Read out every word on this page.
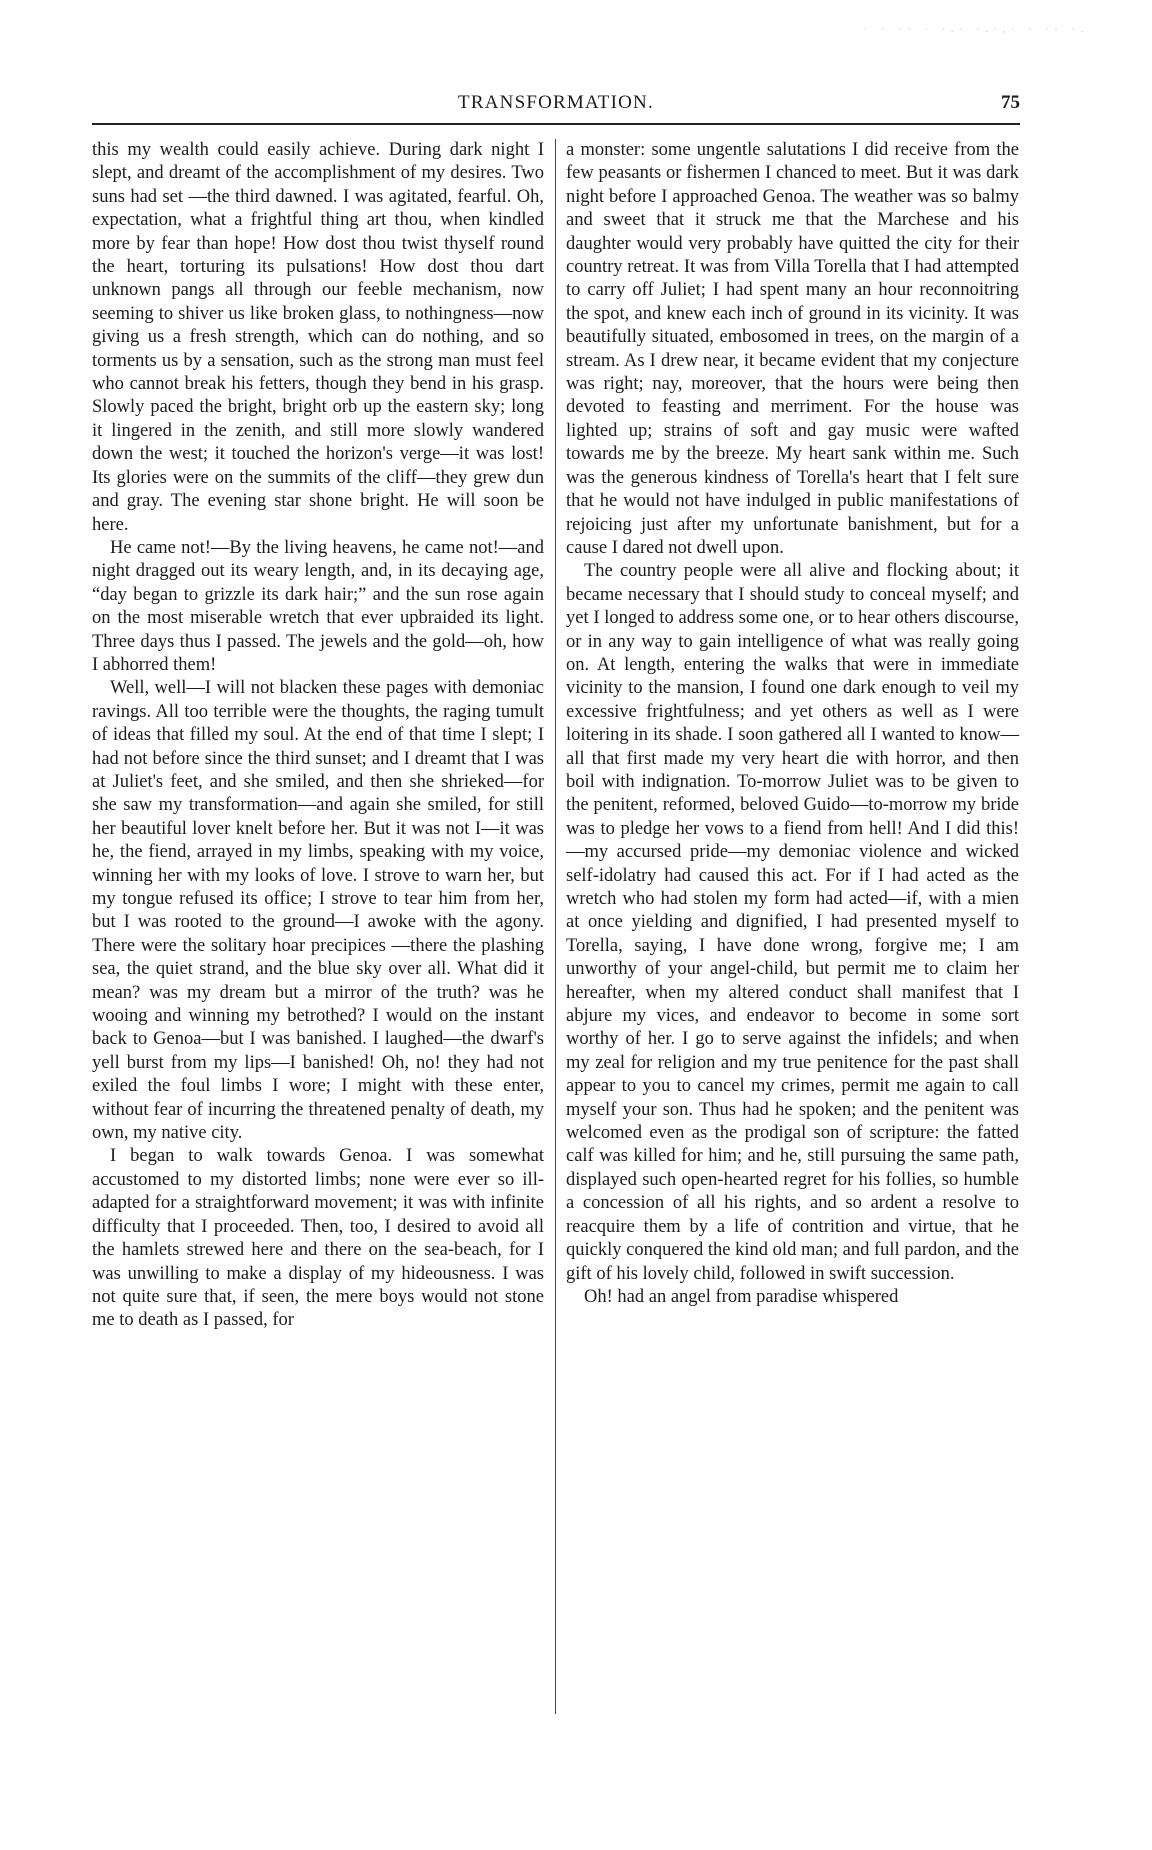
· · ·· · ·.· ·.·,· · ·· ·.
TRANSFORMATION.	75

this my wealth could easily achieve. During dark night I slept, and dreamt of the accomplishment of my desires. Two suns had set —the third dawned. I was agitated, fearful. Oh, expectation, what a frightful thing art thou, when kindled more by fear than hope! How dost thou twist thyself round the heart, torturing its pulsations! How dost thou dart unknown pangs all through our feeble mechanism, now seeming to shiver us like broken glass, to nothingness—now giving us a fresh strength, which can do nothing, and so torments us by a sensation, such as the strong man must feel who cannot break his fetters, though they bend in his grasp. Slowly paced the bright, bright orb up the eastern sky; long it lingered in the zenith, and still more slowly wandered down the west; it touched the horizon's verge—it was lost! Its glories were on the summits of the cliff—they grew dun and gray. The evening star shone bright. He will soon be here.

He came not!—By the living heavens, he came not!—and night dragged out its weary length, and, in its decaying age, “day began to grizzle its dark hair;” and the sun rose again on the most miserable wretch that ever upbraided its light. Three days thus I passed. The jewels and the gold—oh, how I abhorred them!

Well, well—I will not blacken these pages with demoniac ravings. All too terrible were the thoughts, the raging tumult of ideas that filled my soul. At the end of that time I slept; I had not before since the third sunset; and I dreamt that I was at Juliet's feet, and she smiled, and then she shrieked—for she saw my transformation—and again she smiled, for still her beautiful lover knelt before her. But it was not I—it was he, the fiend, arrayed in my limbs, speaking with my voice, winning her with my looks of love. I strove to warn her, but my tongue refused its office; I strove to tear him from her, but I was rooted to the ground—I awoke with the agony. There were the solitary hoar precipices —there the plashing sea, the quiet strand, and the blue sky over all. What did it mean? was my dream but a mirror of the truth? was he wooing and winning my betrothed? I would on the instant back to Genoa—but I was banished. I laughed—the dwarf's yell burst from my lips—I banished! Oh, no! they had not exiled the foul limbs I wore; I might with these enter, without fear of incurring the threatened penalty of death, my own, my native city.

I began to walk towards Genoa. I was somewhat accustomed to my distorted limbs; none were ever so ill-adapted for a straightforward movement; it was with infinite difficulty that I proceeded. Then, too, I desired to avoid all the hamlets strewed here and there on the sea-beach, for I was unwilling to make a display of my hideousness. I was not quite sure that, if seen, the mere boys would not stone me to death as I passed, for

a monster: some ungentle salutations I did receive from the few peasants or fishermen I chanced to meet. But it was dark night before I approached Genoa. The weather was so balmy and sweet that it struck me that the Marchese and his daughter would very probably have quitted the city for their country retreat. It was from Villa Torella that I had attempted to carry off Juliet; I had spent many an hour reconnoitring the spot, and knew each inch of ground in its vicinity. It was beautifully situated, embosomed in trees, on the margin of a stream. As I drew near, it became evident that my conjecture was right; nay, moreover, that the hours were being then devoted to feasting and merriment. For the house was lighted up; strains of soft and gay music were wafted towards me by the breeze. My heart sank within me. Such was the generous kindness of Torella's heart that I felt sure that he would not have indulged in public manifestations of rejoicing just after my unfortunate banishment, but for a cause I dared not dwell upon.

The country people were all alive and flocking about; it became necessary that I should study to conceal myself; and yet I longed to address some one, or to hear others discourse, or in any way to gain intelligence of what was really going on. At length, entering the walks that were in immediate vicinity to the mansion, I found one dark enough to veil my excessive frightfulness; and yet others as well as I were loitering in its shade. I soon gathered all I wanted to know—all that first made my very heart die with horror, and then boil with indignation. To-morrow Juliet was to be given to the penitent, reformed, beloved Guido—to-morrow my bride was to pledge her vows to a fiend from hell! And I did this!—my accursed pride—my demoniac violence and wicked self-idolatry had caused this act. For if I had acted as the wretch who had stolen my form had acted—if, with a mien at once yielding and dignified, I had presented myself to Torella, saying, I have done wrong, forgive me; I am unworthy of your angel-child, but permit me to claim her hereafter, when my altered conduct shall manifest that I abjure my vices, and endeavor to become in some sort worthy of her. I go to serve against the infidels; and when my zeal for religion and my true penitence for the past shall appear to you to cancel my crimes, permit me again to call myself your son. Thus had he spoken; and the penitent was welcomed even as the prodigal son of scripture: the fatted calf was killed for him; and he, still pursuing the same path, displayed such open-hearted regret for his follies, so humble a concession of all his rights, and so ardent a resolve to reacquire them by a life of contrition and virtue, that he quickly conquered the kind old man; and full pardon, and the gift of his lovely child, followed in swift succession.

Oh! had an angel from paradise whispered
